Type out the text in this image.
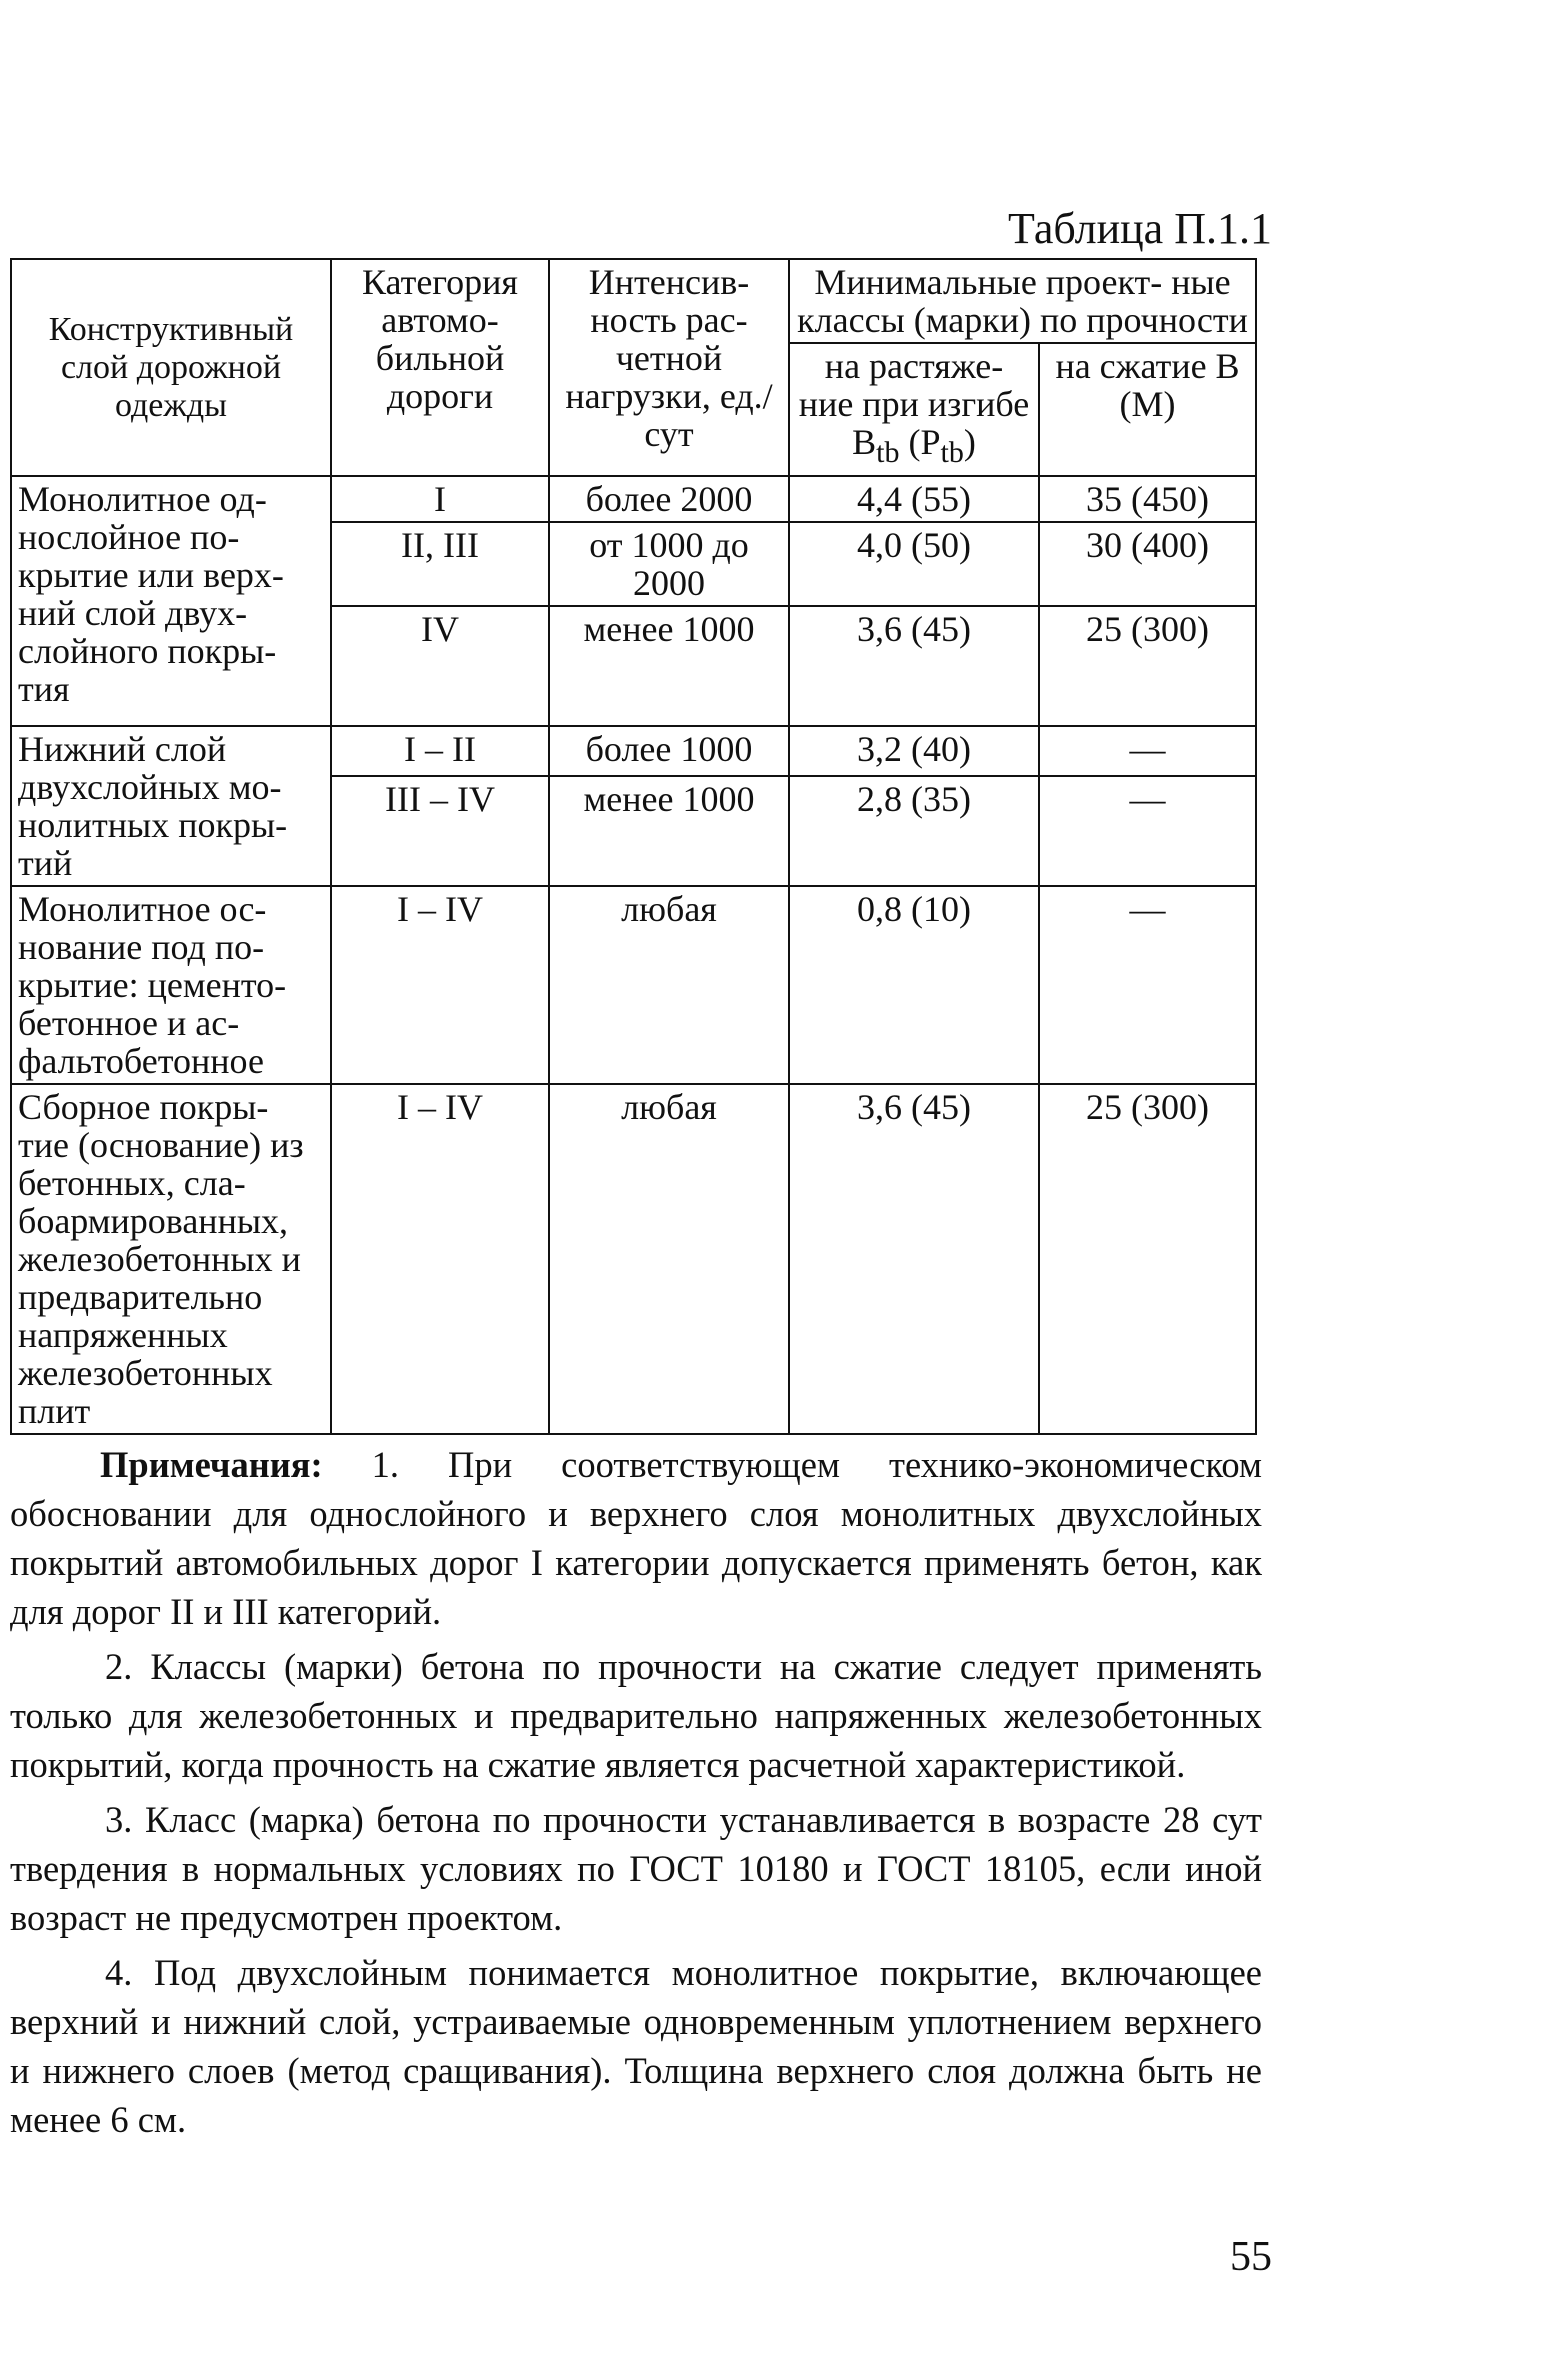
Таблица П.1.1
Конструктивный слой дорожной одежды	Категория автомо- бильной дороги	Интенсив- ность рас- четной нагрузки, ед./сут	Минимальные проект- ные классы (марки) по прочности	
			на растяже- ние при изгибе $B_{tb}$ $(P_{tb})$	на сжатие B (M)
Монолитное од- нослойное по- крытие или верх- ний слой двух- слойного покры- тия	I	более 2000	4,4 (55)	35 (450)
	II, III	от 1000 до 2000	4,0 (50)	30 (400)
	IV	менее 1000	3,6 (45)	25 (300)
Нижний слой двухслойных мо- нолитных покры- тий	I – II	более 1000	3,2 (40)	—
	III – IV	менее 1000	2,8 (35)	—
Монолитное ос- нование под по- крытие: цементо- бетонное и ас- фальтобетонное	I – IV	любая	0,8 (10)	—
Сборное покры- тие (основание) из бетонных, сла- боармированных, железобетонных и предварительно напряженных железобетонных плит	I – IV	любая	3,6 (45)	25 (300)

Примечания: 1. При соответствующем технико-экономическом обосновании для однослойного и верхнего слоя монолитных двухслойных покрытий автомобильных дорог I категории допускается применять бетон, как для дорог II и III категорий.

2. Классы (марки) бетона по прочности на сжатие следует применять только для железобетонных и предварительно напряженных железобетонных покрытий, когда прочность на сжатие является расчетной характеристикой.

3. Класс (марка) бетона по прочности устанавливается в возрасте 28 сут твердения в нормальных условиях по ГОСТ 10180 и ГОСТ 18105, если иной возраст не предусмотрен проектом.

4. Под двухслойным понимается монолитное покрытие, включающее верхний и нижний слой, устраиваемые одновременным уплотнением верхнего и нижнего слоев (метод сращивания). Толщина верхнего слоя должна быть не менее 6 см.

55
